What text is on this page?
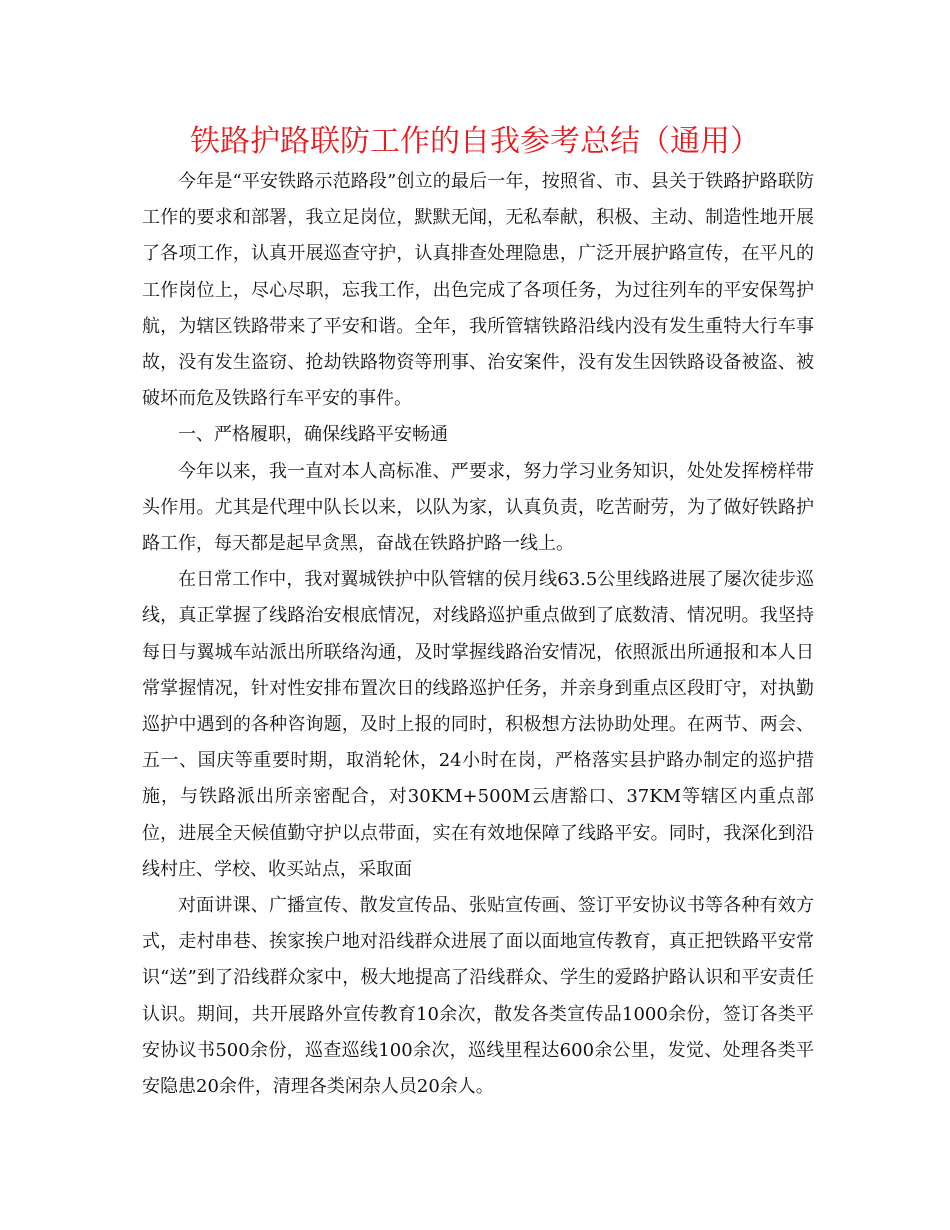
铁路护路联防工作的自我参考总结（通用）

今年是“平安铁路示范路段”创立的最后一年，按照省、市、县关于铁路护路联防工作的要求和部署，我立足岗位，默默无闻，无私奉献，积极、主动、制造性地开展了各项工作，认真开展巡查守护，认真排查处理隐患，广泛开展护路宣传，在平凡的工作岗位上，尽心尽职，忘我工作，出色完成了各项任务，为过往列车的平安保驾护航，为辖区铁路带来了平安和谐。全年，我所管辖铁路沿线内没有发生重特大行车事故，没有发生盗窃、抢劫铁路物资等刑事、治安案件，没有发生因铁路设备被盗、被破坏而危及铁路行车平安的事件。

一、严格履职，确保线路平安畅通

今年以来，我一直对本人高标准、严要求，努力学习业务知识，处处发挥榜样带头作用。尤其是代理中队长以来，以队为家，认真负责，吃苦耐劳，为了做好铁路护路工作，每天都是起早贪黑，奋战在铁路护路一线上。

在日常工作中，我对翼城铁护中队管辖的侯月线63.5公里线路进展了屡次徒步巡线，真正掌握了线路治安根底情况，对线路巡护重点做到了底数清、情况明。我坚持每日与翼城车站派出所联络沟通，及时掌握线路治安情况，依照派出所通报和本人日常掌握情况，针对性安排布置次日的线路巡护任务，并亲身到重点区段盯守，对执勤巡护中遇到的各种咨询题，及时上报的同时，积极想方法协助处理。在两节、两会、五一、国庆等重要时期，取消轮休，24小时在岗，严格落实县护路办制定的巡护措施，与铁路派出所亲密配合，对30KM+500M云唐豁口、37KM等辖区内重点部位，进展全天候值勤守护以点带面，实在有效地保障了线路平安。同时，我深化到沿线村庄、学校、收买站点，采取面

对面讲课、广播宣传、散发宣传品、张贴宣传画、签订平安协议书等各种有效方式，走村串巷、挨家挨户地对沿线群众进展了面以面地宣传教育，真正把铁路平安常识“送”到了沿线群众家中，极大地提高了沿线群众、学生的爱路护路认识和平安责任认识。期间，共开展路外宣传教育10余次，散发各类宣传品1000余份，签订各类平安协议书500余份，巡查巡线100余次，巡线里程达600余公里，发觉、处理各类平安隐患20余件，清理各类闲杂人员20余人。
